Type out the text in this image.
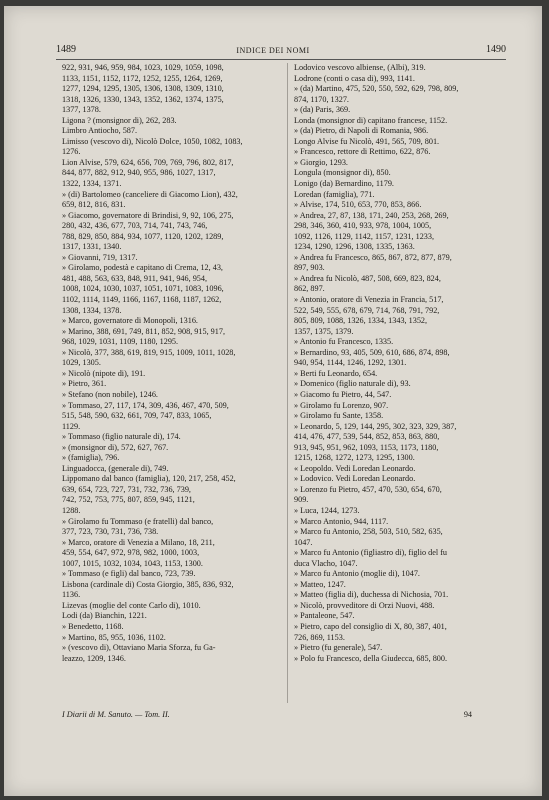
1489	INDICE DEI NOMI	1490
922, 931, 946, 959, 984, 1023, 1029, 1059, 1098,
1133, 1151, 1152, 1172, 1252, 1255, 1264, 1269,
1277, 1294, 1295, 1305, 1306, 1308, 1309, 1310,
1318, 1326, 1330, 1343, 1352, 1362, 1374, 1375,
1377, 1378.
Ligona ? (monsignor di), 262, 283.
Limbro Antiocho, 587.
Limisso (vescovo di), Nicolò Dolce, 1050, 1082, 1083,
1276.
Lion Alvise, 579, 624, 656, 709, 769, 796, 802, 817,
844, 877, 882, 912, 940, 955, 986, 1027, 1317,
1322, 1334, 1371.
» (di) Bartolomeo (canceliere di Giacomo Lion), 432,
659, 812, 816, 831.
» Giacomo, governatore di Brindisi, 9, 92, 106, 275,
280, 432, 436, 677, 703, 714, 741, 743, 746,
788, 829, 850, 884, 934, 1077, 1120, 1202, 1289,
1317, 1331, 1340.
» Giovanni, 719, 1317.
» Girolamo, podestà e capitano di Crema, 12, 43,
481, 488, 563, 633, 848, 911, 941, 946, 954,
1008, 1024, 1030, 1037, 1051, 1071, 1083, 1096,
1102, 1114, 1149, 1166, 1167, 1168, 1187, 1262,
1308, 1334, 1378.
» Marco, governatore di Monopoli, 1316.
» Marino, 388, 691, 749, 811, 852, 908, 915, 917,
968, 1029, 1031, 1109, 1180, 1295.
» Nicolò, 377, 388, 619, 819, 915, 1009, 1011, 1028,
1029, 1305.
» Nicolò (nipote di), 191.
» Pietro, 361.
» Stefano (non nobile), 1246.
» Tommaso, 27, 117, 174, 309, 436, 467, 470, 509,
515, 548, 590, 632, 661, 709, 747, 833, 1065,
1129.
» Tommaso (figlio naturale di), 174.
» (monsignor di), 572, 627, 767.
» (famiglia), 796.
Linguadocca, (generale di), 749.
Lippomano dal banco (famiglia), 120, 217, 258, 452,
639, 654, 723, 727, 731, 732, 736, 739,
742, 752, 753, 775, 807, 859, 945, 1121,
1288.
» Girolamo fu Tommaso (e fratelli) dal banco,
377, 723, 730, 731, 736, 738.
» Marco, oratore di Venezia a Milano, 18, 211,
459, 554, 647, 972, 978, 982, 1000, 1003,
1007, 1015, 1032, 1034, 1043, 1153, 1300.
» Tommaso (e figli) dal banco, 723, 739.
Lisbona (cardinale di) Costa Giorgio, 385, 836, 932,
1136.
Lizevas (moglie del conte Carlo di), 1010.
Lodi (da) Bianchin, 1221.
» Benedetto, 1168.
» Martino, 85, 955, 1036, 1102.
» (vescovo di), Ottaviano Maria Sforza, fu Ga-
leazzo, 1209, 1346.
Lodovico vescovo albiense, (Albi), 319.
Lodrone (conti o casa di), 993, 1141.
» (da) Martino, 475, 520, 550, 592, 629, 798, 809,
874, 1170, 1327.
» (da) Paris, 369.
Londa (monsignor di) capitano francese, 1152.
» (da) Pietro, di Napoli di Romania, 986.
Longo Alvise fu Nicolò, 491, 565, 709, 801.
» Francesco, rettore di Rettimo, 622, 876.
» Giorgio, 1293.
Longula (monsignor di), 850.
Lonigo (da) Bernardino, 1179.
Loredan (famiglia), 771.
» Alvise, 174, 510, 653, 770, 853, 866.
» Andrea, 27, 87, 138, 171, 240, 253, 268, 269,
298, 346, 360, 410, 933, 978, 1004, 1005,
1092, 1126, 1129, 1142, 1157, 1231, 1233,
1234, 1290, 1296, 1308, 1335, 1363.
» Andrea fu Francesco, 865, 867, 872, 877, 879,
897, 903.
» Andrea fu Nicolò, 487, 508, 669, 823, 824,
862, 897.
» Antonio, oratore di Venezia in Francia, 517,
522, 549, 555, 678, 679, 714, 768, 791, 792,
805, 809, 1088, 1326, 1334, 1343, 1352,
1357, 1375, 1379.
» Antonio fu Francesco, 1335.
» Bernardino, 93, 405, 509, 610, 686, 874, 898,
940, 954, 1144, 1246, 1292, 1301.
» Berti fu Leonardo, 654.
» Domenico (figlio naturale di), 93.
» Giacomo fu Pietro, 44, 547.
» Girolamo fu Lorenzo, 907.
» Girolamo fu Sante, 1358.
» Leonardo, 5, 129, 144, 295, 302, 323, 329, 387,
414, 476, 477, 539, 544, 852, 853, 863, 880,
913, 945, 951, 962, 1093, 1153, 1173, 1180,
1215, 1268, 1272, 1273, 1295, 1300.
« Leopoldo. Vedi Loredan Leonardo.
» Lodovico. Vedi Loredan Leonardo.
» Lorenzo fu Pietro, 457, 470, 530, 654, 670,
909.
» Luca, 1244, 1273.
» Marco Antonio, 944, 1117.
» Marco fu Antonio, 258, 503, 510, 582, 635,
1047.
» Marco fu Antonio (figliastro di), figlio del fu
duca Vlacho, 1047.
» Marco fu Antonio (moglie di), 1047.
» Matteo, 1247.
» Matteo (figlia di), duchessa di Nichosia, 701.
» Nicolò, provveditore di Orzi Nuovi, 488.
» Pantaleone, 547.
» Pietro, capo del consiglio di X, 80, 387, 401,
726, 869, 1153.
» Pietro (fu generale), 547.
» Polo fu Francesco, della Giudecca, 685, 800.
I Diarii di M. Sanuto. — Tom. II.	94
